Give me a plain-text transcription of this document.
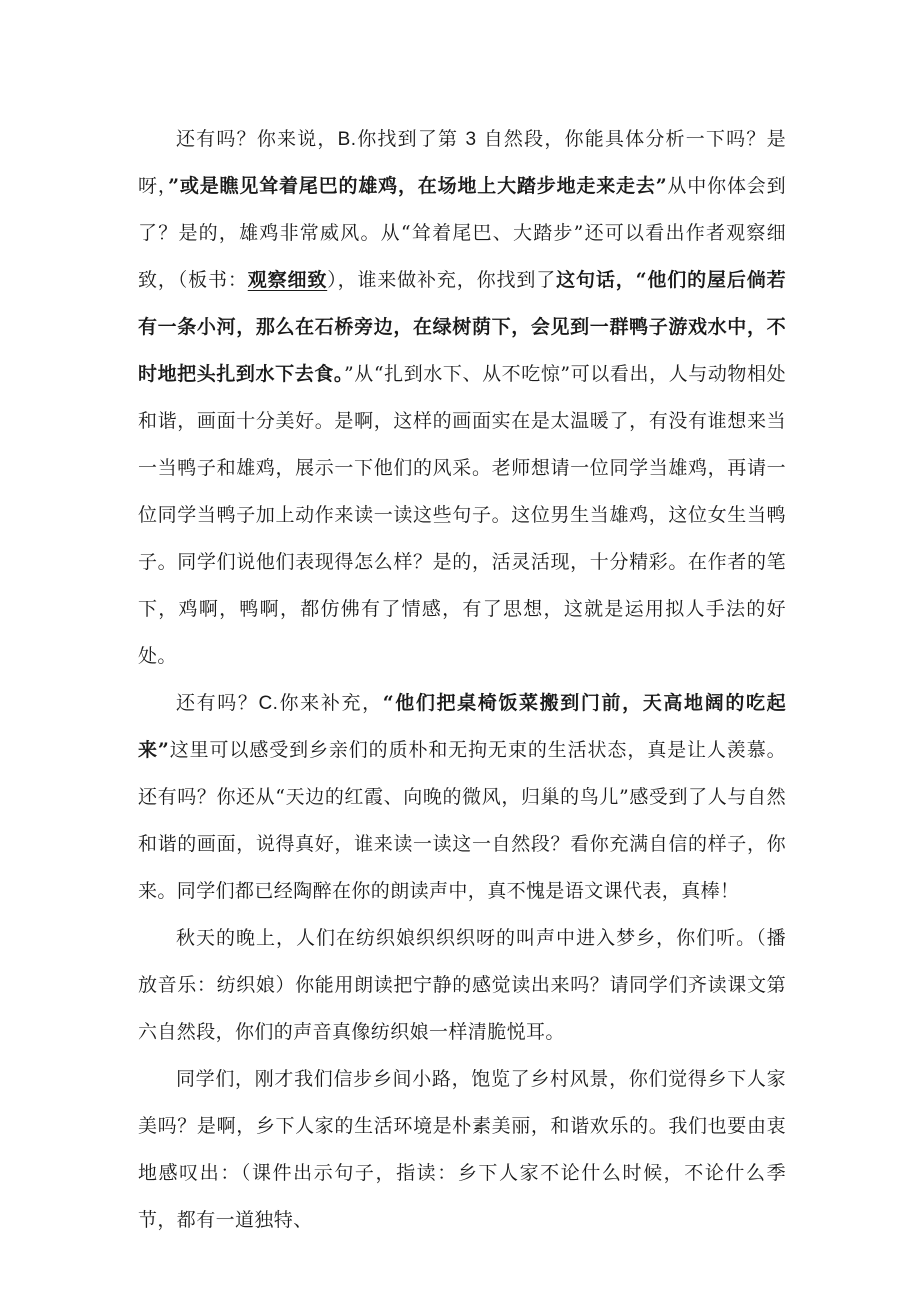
还有吗？你来说，B.你找到了第 3 自然段，你能具体分析一下吗？是呀，”或是瞧见耸着尾巴的雄鸡，在场地上大踏步地走来走去”从中你体会到了？是的，雄鸡非常威风。从“耸着尾巴、大踏步”还可以看出作者观察细致，（板书：观察细致），谁来做补充，你找到了这句话，“他们的屋后倘若有一条小河，那么在石桥旁边，在绿树荫下，会见到一群鸭子游戏水中，不时地把头扎到水下去食。”从“扎到水下、从不吃惊”可以看出，人与动物相处和谐，画面十分美好。是啊，这样的画面实在是太温暖了，有没有谁想来当一当鸭子和雄鸡，展示一下他们的风采。老师想请一位同学当雄鸡，再请一位同学当鸭子加上动作来读一读这些句子。这位男生当雄鸡，这位女生当鸭子。同学们说他们表现得怎么样？是的，活灵活现，十分精彩。在作者的笔下，鸡啊，鸭啊，都仿佛有了情感，有了思想，这就是运用拟人手法的好处。

还有吗？C.你来补充，“他们把桌椅饭菜搬到门前，天高地阔的吃起来”这里可以感受到乡亲们的质朴和无拘无束的生活状态，真是让人羡慕。还有吗？你还从“天边的红霞、向晚的微风，归巢的鸟儿”感受到了人与自然和谐的画面，说得真好，谁来读一读这一自然段？看你充满自信的样子，你来。同学们都已经陶醉在你的朗读声中，真不愧是语文课代表，真棒！

秋天的晚上，人们在纺织娘织织织呀的叫声中进入梦乡，你们听。（播放音乐：纺织娘）你能用朗读把宁静的感觉读出来吗？请同学们齐读课文第六自然段，你们的声音真像纺织娘一样清脆悦耳。

同学们，刚才我们信步乡间小路，饱览了乡村风景，你们觉得乡下人家美吗？是啊，乡下人家的生活环境是朴素美丽，和谐欢乐的。我们也要由衷地感叹出：（课件出示句子，指读：乡下人家不论什么时候，不论什么季节，都有一道独特、
